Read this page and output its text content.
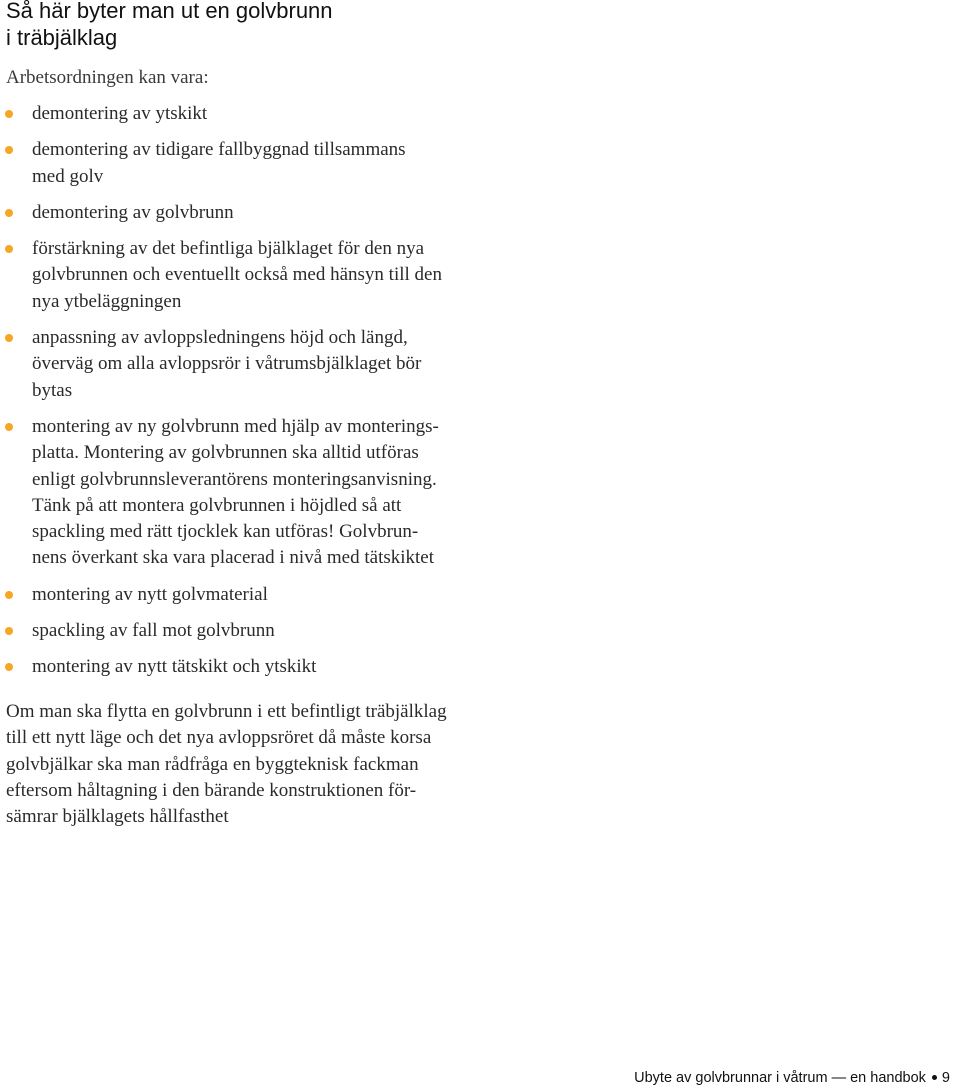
Så här byter man ut en golvbrunn
i träbjälklag
Arbetsordningen kan vara:
demontering av ytskikt
demontering av tidigare fallbyggnad tillsammans
med golv
demontering av golvbrunn
förstärkning av det befintliga bjälklaget för den nya
golvbrunnen och eventuellt också med hänsyn till den
nya ytbeläggningen
anpassning av avloppsledningens höjd och längd,
överväg om alla avloppsrör i våtrumsbjälklaget bör
bytas
montering av ny golvbrunn med hjälp av monterings-
platta. Montering av golvbrunnen ska alltid utföras
enligt golvbrunnsleverantörens monteringsanvisning.
Tänk på att montera golvbrunnen i höjdled så att
spackling med rätt tjocklek kan utföras! Golvbrun-
nens överkant ska vara placerad i nivå med tätskiktet
montering av nytt golvmaterial
spackling av fall mot golvbrunn
montering av nytt tätskikt och ytskikt

Om man ska flytta en golvbrunn i ett befintligt träbjälklag
till ett nytt läge och det nya avloppsröret då måste korsa
golvbjälkar ska man rådfråga en byggteknisk fackman
eftersom håltagning i den bärande konstruktionen för-
sämrar bjälklagets hållfasthet

Ubyte av golvbrunnar i våtrum — en handbok 9
